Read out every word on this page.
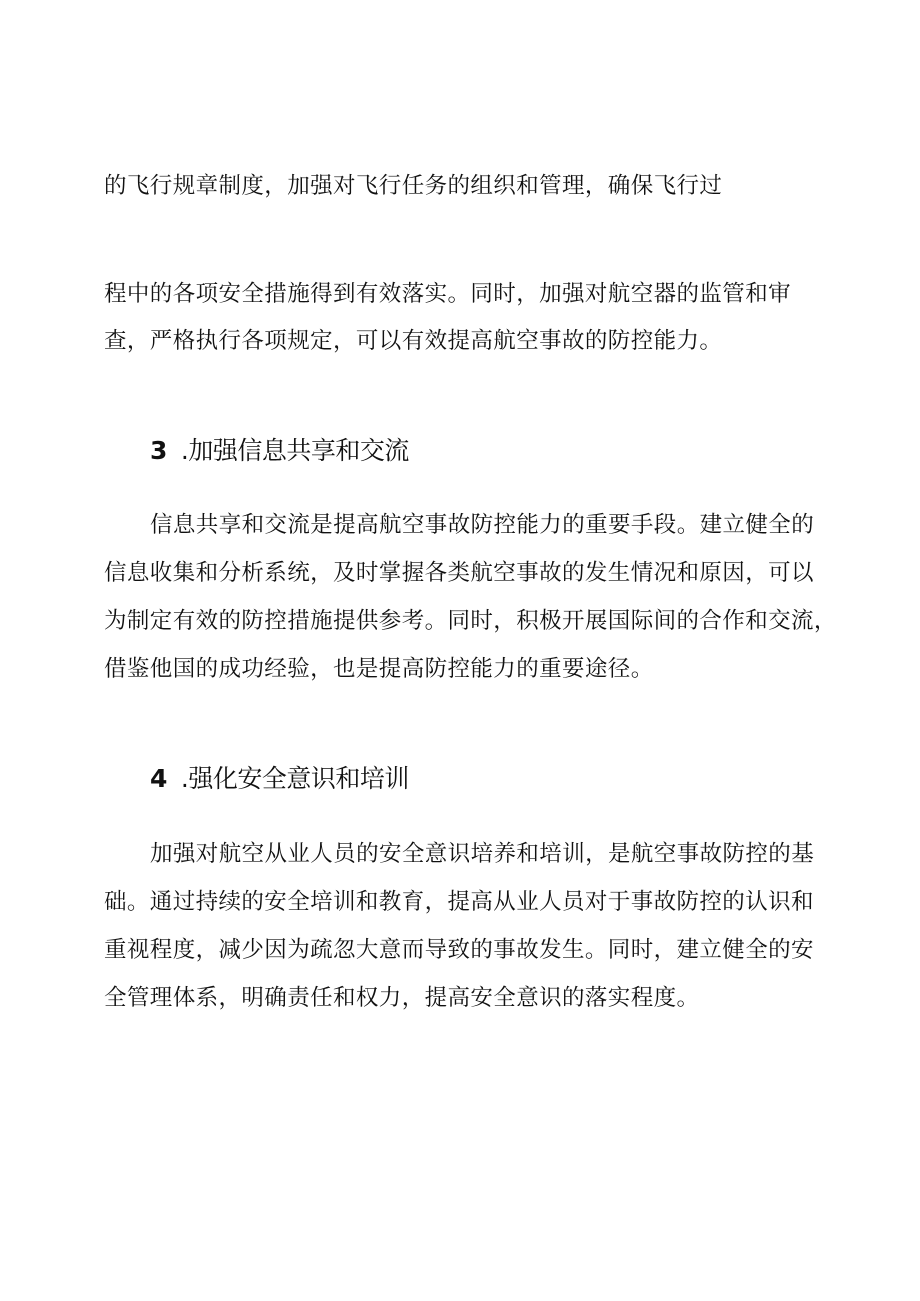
的飞行规章制度，加强对飞行任务的组织和管理，确保飞行过
程中的各项安全措施得到有效落实。同时，加强对航空器的监管和审
查，严格执行各项规定，可以有效提高航空事故的防控能力。
3 .加强信息共享和交流
信息共享和交流是提高航空事故防控能力的重要手段。建立健全的
信息收集和分析系统，及时掌握各类航空事故的发生情况和原因，可以
为制定有效的防控措施提供参考。同时，积极开展国际间的合作和交流，
借鉴他国的成功经验，也是提高防控能力的重要途径。
4 .强化安全意识和培训
加强对航空从业人员的安全意识培养和培训，是航空事故防控的基
础。通过持续的安全培训和教育，提高从业人员对于事故防控的认识和
重视程度，减少因为疏忽大意而导致的事故发生。同时，建立健全的安
全管理体系，明确责任和权力，提高安全意识的落实程度。
